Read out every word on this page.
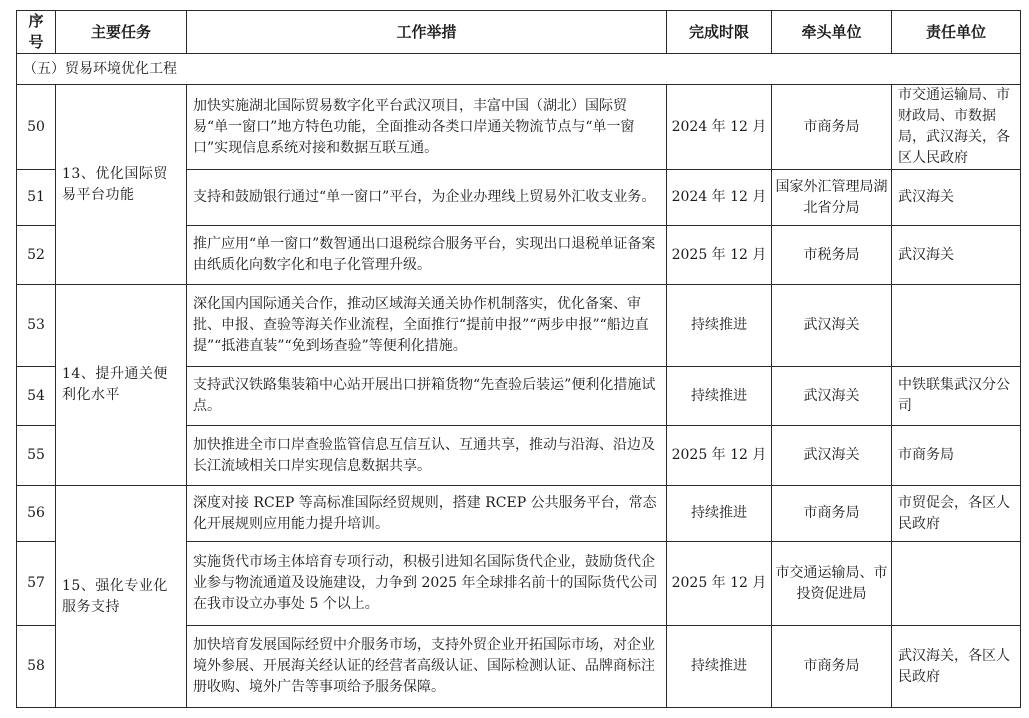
序号	主要任务	工作举措	完成时限	牵头单位	责任单位
（五）贸易环境优化工程					
50	13、优化国际贸易平台功能	加快实施湖北国际贸易数字化平台武汉项目，丰富中国（湖北）国际贸易“单一窗口”地方特色功能，全面推动各类口岸通关物流节点与“单一窗口”实现信息系统对接和数据互联互通。	2024 年 12 月	市商务局	市交通运输局、市财政局、市数据局，武汉海关，各区人民政府
51		支持和鼓励银行通过“单一窗口”平台，为企业办理线上贸易外汇收支业务。	2024 年 12 月	国家外汇管理局湖北省分局	武汉海关
52		推广应用“单一窗口”数智通出口退税综合服务平台，实现出口退税单证备案由纸质化向数字化和电子化管理升级。	2025 年 12 月	市税务局	武汉海关
53	14、提升通关便利化水平	深化国内国际通关合作，推动区域海关通关协作机制落实，优化备案、审批、申报、查验等海关作业流程，全面推行“提前申报”“两步申报”“船边直提”“抵港直装”“免到场查验”等便利化措施。	持续推进	武汉海关	
54		支持武汉铁路集装箱中心站开展出口拼箱货物“先查验后装运”便利化措施试点。	持续推进	武汉海关	中铁联集武汉分公司
55		加快推进全市口岸查验监管信息互信互认、互通共享，推动与沿海、沿边及长江流域相关口岸实现信息数据共享。	2025 年 12 月	武汉海关	市商务局
56	15、强化专业化服务支持	深度对接 RCEP 等高标准国际经贸规则，搭建 RCEP 公共服务平台，常态化开展规则应用能力提升培训。	持续推进	市商务局	市贸促会，各区人民政府
57		实施货代市场主体培育专项行动，积极引进知名国际货代企业，鼓励货代企业参与物流通道及设施建设，力争到 2025 年全球排名前十的国际货代公司在我市设立办事处 5 个以上。	2025 年 12 月	市交通运输局、市投资促进局	
58		加快培育发展国际经贸中介服务市场，支持外贸企业开拓国际市场，对企业境外参展、开展海关经认证的经营者高级认证、国际检测认证、品牌商标注册收购、境外广告等事项给予服务保障。	持续推进	市商务局	武汉海关，各区人民政府
